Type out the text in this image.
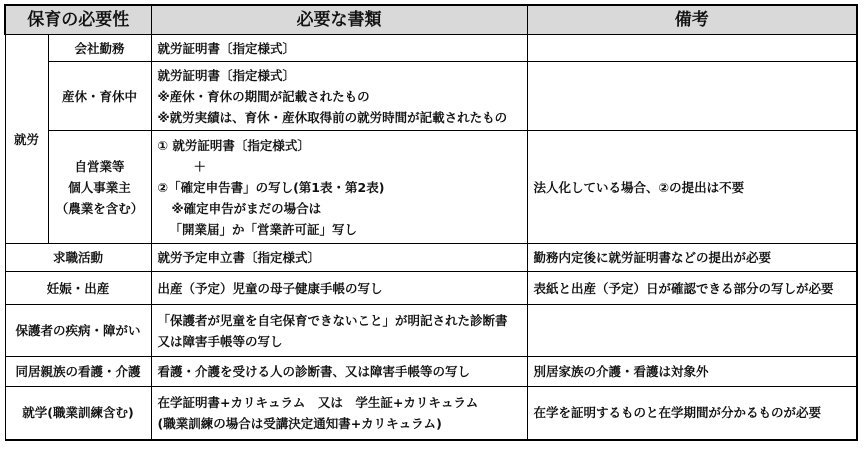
保育の必要性		必要な書類	備考
就労	会社勤務	就労証明書〔指定様式〕	
	産休・育休中	就労証明書〔指定様式〕
※産休・育休の期間が記載されたもの
※就労実績は、育休・産休取得前の就労時間が記載されたもの	

	自営業等
個人事業主
（農業を含む）	① 就労証明書〔指定様式〕
＋
②「確定申告書」の写し(第1表・第2表)
※確定申告がまだの場合は
「開業届」か「営業許可証」写し	法人化している場合、②の提出は不要
求職活動		就労予定申立書〔指定様式〕	勤務内定後に就労証明書などの提出が必要
妊娠・出産		出産（予定）児童の母子健康手帳の写し	表紙と出産（予定）日が確認できる部分の写しが必要
保護者の疾病・障がい		「保護者が児童を自宅保育できないこと」が明記された診断書
又は障害手帳等の写し	

同居親族の看護・介護		看護・介護を受ける人の診断書、又は障害手帳等の写し	別居家族の介護・看護は対象外
就学(職業訓練含む)		在学証明書+カリキュラム　又は　学生証+カリキュラム
(職業訓練の場合は受講決定通知書+カリキュラム)	在学を証明するものと在学期間が分かるものが必要
